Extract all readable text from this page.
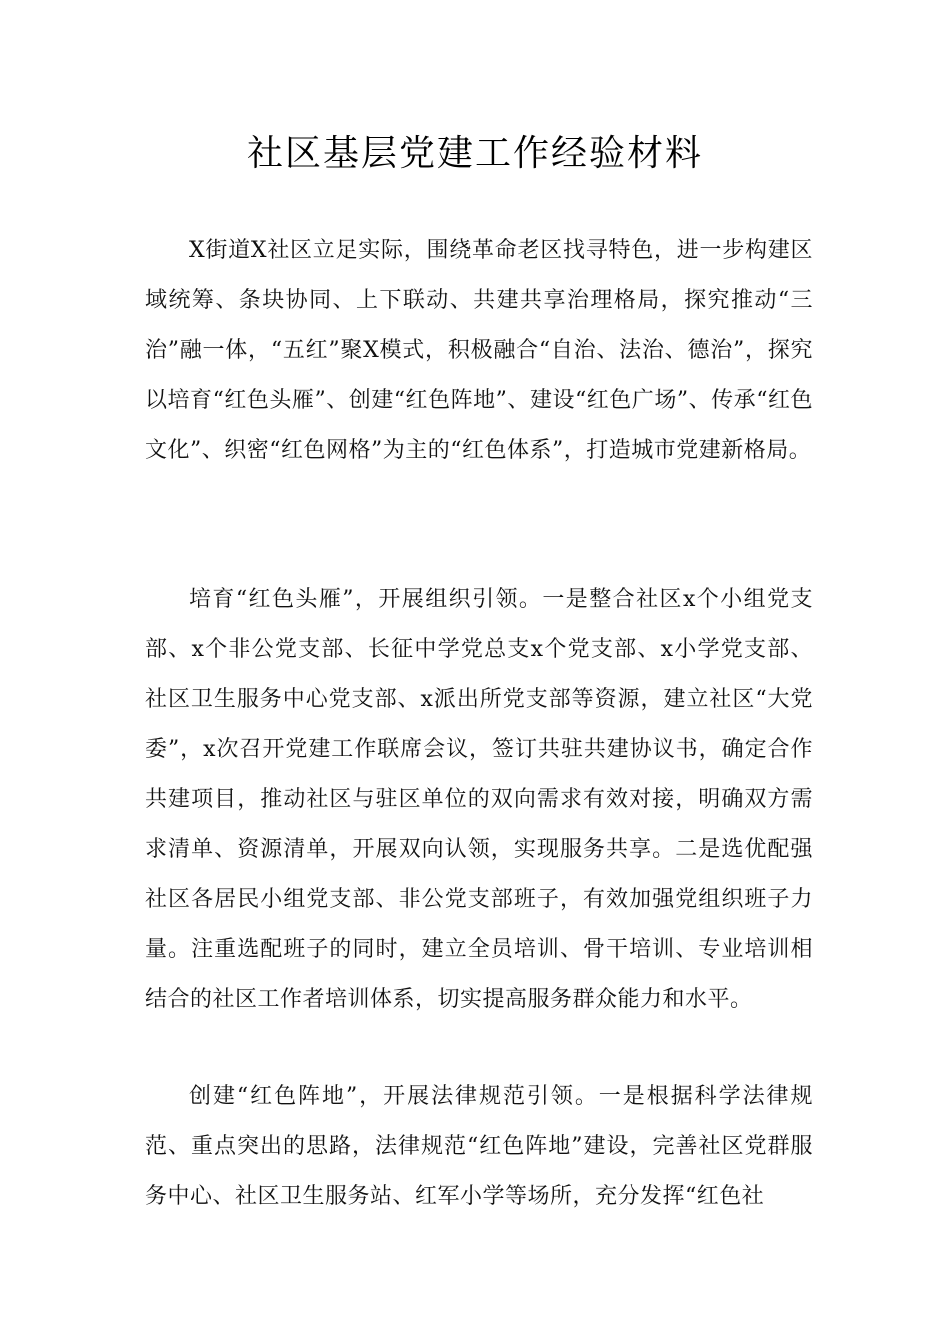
社区基层党建工作经验材料

X街道X社区立足实际，围绕革命老区找寻特色，进一步构建区域统筹、条块协同、上下联动、共建共享治理格局，探究推动“三治”融一体，“五红”聚X模式，积极融合“自治、法治、德治”，探究以培育“红色头雁”、创建“红色阵地”、建设“红色广场”、传承“红色文化”、织密“红色网格”为主的“红色体系”，打造城市党建新格局。

培育“红色头雁”，开展组织引领。一是整合社区x个小组党支部、x个非公党支部、长征中学党总支x个党支部、x小学党支部、社区卫生服务中心党支部、x派出所党支部等资源，建立社区“大党委”，x次召开党建工作联席会议，签订共驻共建协议书，确定合作共建项目，推动社区与驻区单位的双向需求有效对接，明确双方需求清单、资源清单，开展双向认领，实现服务共享。二是选优配强社区各居民小组党支部、非公党支部班子，有效加强党组织班子力量。注重选配班子的同时，建立全员培训、骨干培训、专业培训相结合的社区工作者培训体系，切实提高服务群众能力和水平。

创建“红色阵地”，开展法律规范引领。一是根据科学法律规范、重点突出的思路，法律规范“红色阵地”建设，完善社区党群服务中心、社区卫生服务站、红军小学等场所，充分发挥“红色社
